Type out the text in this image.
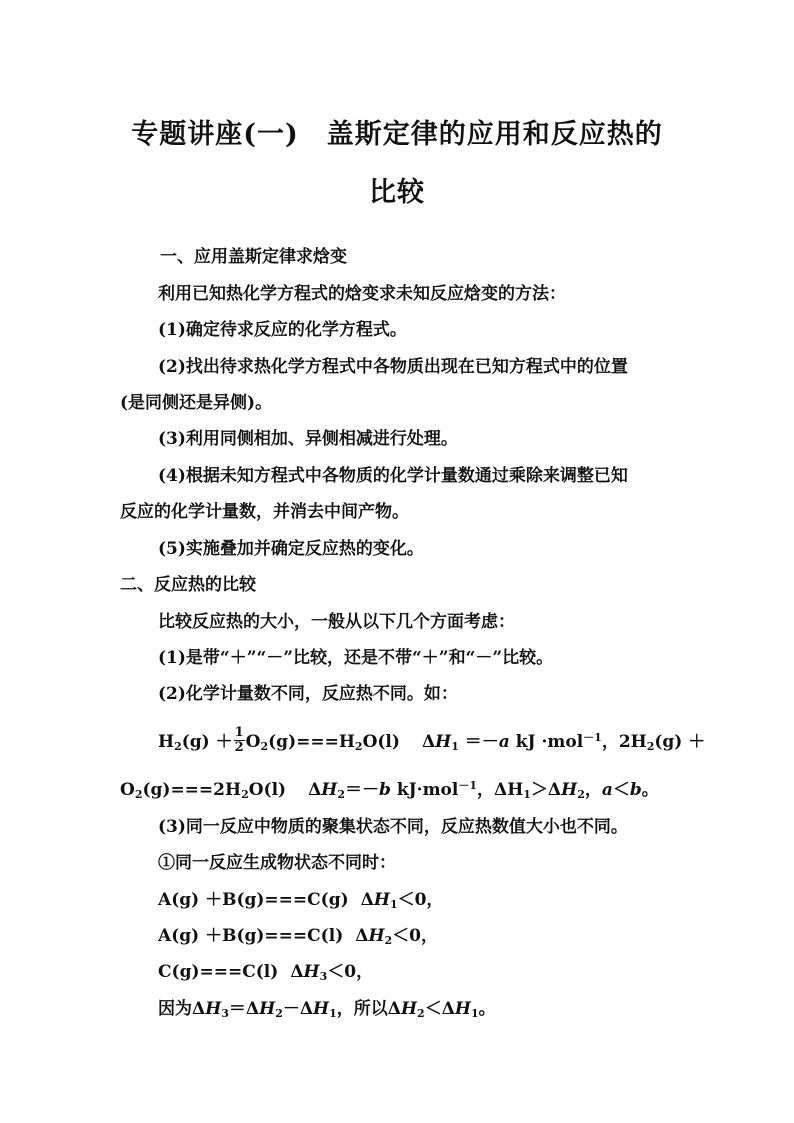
专题讲座(一)　盖斯定律的应用和反应热的
比较
一、应用盖斯定律求焓变
利用已知热化学方程式的焓变求未知反应焓变的方法：
(1)确定待求反应的化学方程式。
(2)找出待求热化学方程式中各物质出现在已知方程式中的位置
(是同侧还是异侧)。
(3)利用同侧相加、异侧相减进行处理。
(4)根据未知方程式中各物质的化学计量数通过乘除来调整已知
反应的化学计量数，并消去中间产物。
(5)实施叠加并确定反应热的变化。
二、反应热的比较
比较反应热的大小，一般从以下几个方面考虑：
(1)是带“＋”“－”比较，还是不带“＋”和“－”比较。
(2)化学计量数不同，反应热不同。如：
$H_2(g) + \frac{1}{2} O_2(g)===H_2O(l)$ $\Delta H_1 =-a$ kJ ·mol$^{-1}$，$2H_2(g)$ ＋
$O_2(g)===2H_2O(l)$ $\Delta H_2=-b$ kJ·mol$^{-1}$，$\Delta H_1>\Delta H_2$，a＜b。
(3)同一反应中物质的聚集状态不同，反应热数值大小也不同。
①同一反应生成物状态不同时：
A(g) ＋B(g)===C(g) $\Delta H_1<0$，
A(g) ＋B(g)===C(l) $\Delta H_2<0$，
C(g)===C(l) $\Delta H_3<0$，
因为$\Delta H_3=\Delta H_2-\Delta H_1$，所以$\Delta H_2<\Delta H_1$。
